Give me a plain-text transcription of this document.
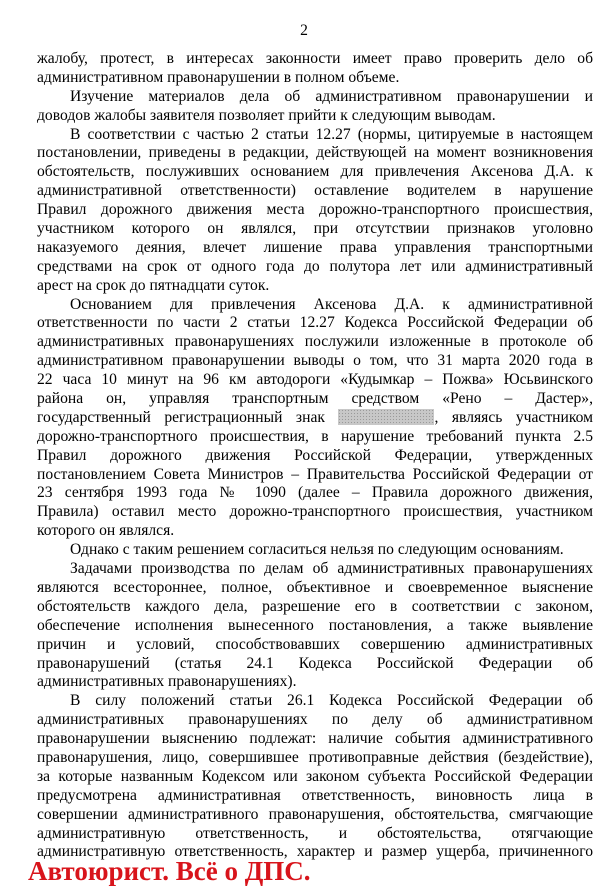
2
жалобу, протест, в интересах законности имеет право проверить дело об
административном правонарушении в полном объеме.
Изучение материалов дела об административном правонарушении и
доводов жалобы заявителя позволяет прийти к следующим выводам.
В соответствии с частью 2 статьи 12.27 (нормы, цитируемые в настоящем
постановлении, приведены в редакции, действующей на момент возникновения
обстоятельств, послуживших основанием для привлечения Аксенова Д.А. к
административной ответственности) оставление водителем в нарушение
Правил дорожного движения места дорожно-транспортного происшествия,
участником которого он являлся, при отсутствии признаков уголовно
наказуемого деяния, влечет лишение права управления транспортными
средствами на срок от одного года до полутора лет или административный
арест на срок до пятнадцати суток.
Основанием для привлечения Аксенова Д.А. к административной
ответственности по части 2 статьи 12.27 Кодекса Российской Федерации об
административных правонарушениях послужили изложенные в протоколе об
административном правонарушении выводы о том, что 31 марта 2020 года в
22 часа 10 минут на 96 км автодороги «Кудымкар – Пожва» Юсьвинского
района он, управляя транспортным средством «Рено – Дастер»,
государственный регистрационный знак	, являясь участником
дорожно-транспортного происшествия, в нарушение требований пункта 2.5
Правил дорожного движения Российской Федерации, утвержденных
постановлением Совета Министров – Правительства Российской Федерации от
23 сентября 1993 года № 1090 (далее – Правила дорожного движения,
Правила) оставил место дорожно-транспортного происшествия, участником
которого он являлся.
Однако с таким решением согласиться нельзя по следующим основаниям.
Задачами производства по делам об административных правонарушениях
являются всестороннее, полное, объективное и своевременное выяснение
обстоятельств каждого дела, разрешение его в соответствии с законом,
обеспечение исполнения вынесенного постановления, а также выявление
причин и условий, способствовавших совершению административных
правонарушений (статья 24.1 Кодекса Российской Федерации об
административных правонарушениях).
В силу положений статьи 26.1 Кодекса Российской Федерации об
административных правонарушениях по делу об административном
правонарушении выяснению подлежат: наличие события административного
правонарушения, лицо, совершившее противоправные действия (бездействие),
за которые названным Кодексом или законом субъекта Российской Федерации
предусмотрена административная ответственность, виновность лица в
совершении административного правонарушения, обстоятельства, смягчающие
административную ответственность, и обстоятельства, отягчающие
административную ответственность, характер и размер ущерба, причиненного
Автоюрист. Всё о ДПС.
